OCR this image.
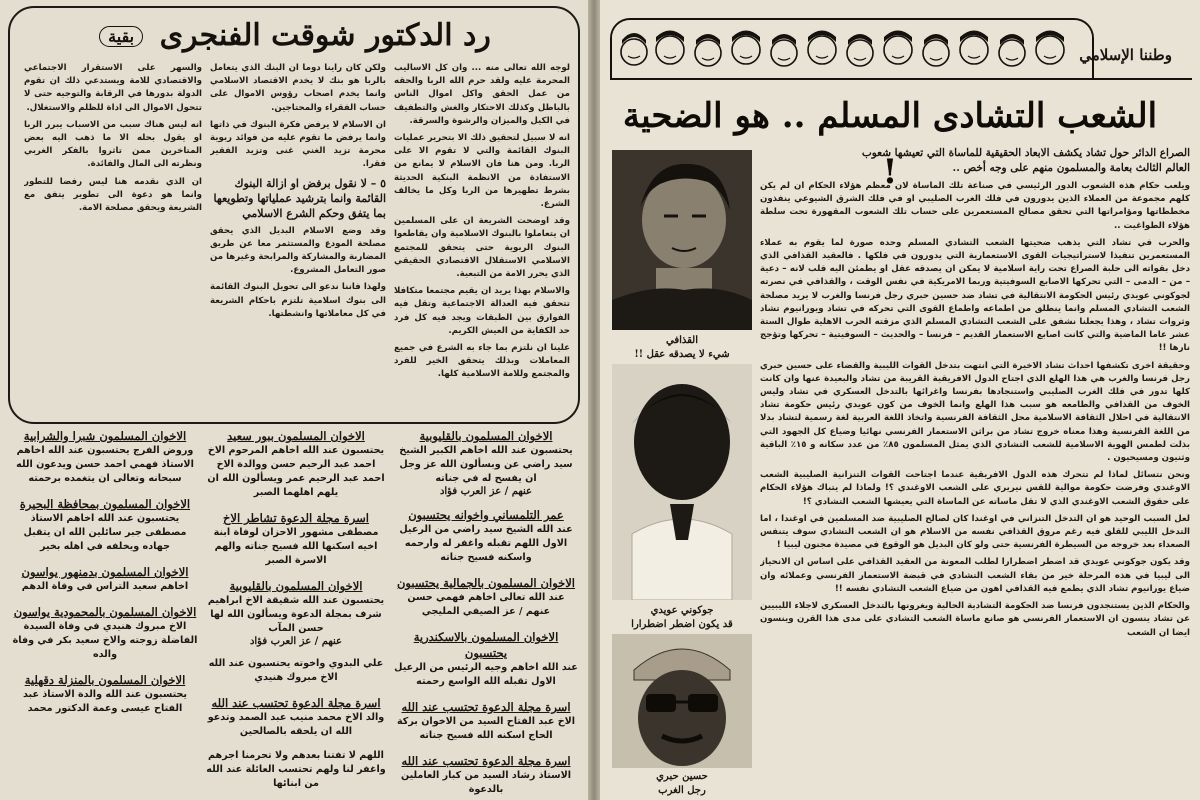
رد الدكتور شوقت الفنجرى بقية

لوجه الله تعالى منه ... وان كل الاساليب المحرمة عليه ولقد حرم الله الربا والحقه من عمل الحقق واكل اموال الناس بالباطل وكذلك الاحتكار والغش والتطفيف في الكيل والميزان والرشوة والسرقة.

انه لا سبيل لتحقيق ذلك الا بتحرير عمليات البنوك القائمة والتي لا تقوم الا على الربا. ومن هنا فان الاسلام لا يمانع من الاستفادة من الانظمة البنكية الحديثة بشرط تطهيرها من الربا وكل ما يخالف الشرع.

وقد اوضحت الشريعة ان على المسلمين ان يتعاملوا بالبنوك الاسلامية وان يقاطعوا البنوك الربوية حتى يتحقق للمجتمع الاسلامي الاستقلال الاقتصادي الحقيقي الذي يحرر الامة من التبعية.

والاسلام بهذا يريد ان يقيم مجتمعا متكافلا تتحقق فيه العدالة الاجتماعية وتقل فيه الفوارق بين الطبقات ويجد فيه كل فرد حد الكفاية من العيش الكريم.

علينا ان نلتزم بما جاء به الشرع في جميع المعاملات وبذلك يتحقق الخير للفرد والمجتمع وللامة الاسلامية كلها.

ولكن كان راينا دوما ان البنك الذي يتعامل بالربا هو بنك لا يخدم الاقتصاد الاسلامي وانما يخدم اصحاب رؤوس الاموال على حساب الفقراء والمحتاجين.

ان الاسلام لا يرفض فكرة البنوك في ذاتها وانما يرفض ما تقوم عليه من فوائد ربوية محرمة تزيد الغني غنى وتزيد الفقير فقرا.

٥ – لا نقول برفض او ازالة البنوك القائمة وانما بترشيد عملياتها وتطويعها بما يتفق وحكم الشرع الاسلامي

وقد وضع الاسلام البديل الذي يحقق مصلحة المودع والمستثمر معا عن طريق المضاربة والمشاركة والمرابحة وغيرها من صور التعامل المشروع.

ولهذا فاننا ندعو الى تحويل البنوك القائمة الى بنوك اسلامية تلتزم باحكام الشريعة في كل معاملاتها وانشطتها.

والسهر على الاستقرار الاجتماعي والاقتصادي للامة ويستدعي ذلك ان تقوم الدولة بدورها في الرقابة والتوجيه حتى لا تتحول الاموال الى اداة للظلم والاستغلال.

انه ليس هناك سبب من الاسباب يبرر الربا او يقول بحله الا ما ذهب اليه بعض المتاخرين ممن تاثروا بالفكر الغربي ونظرته الى المال والفائدة.

ان الذي نقدمه هنا ليس رفضا للتطور وانما هو دعوة الى تطوير يتفق مع الشريعة ويحقق مصلحة الامة.

الاخوان المسلمون بالقليوبية
يحتسبون عند الله اخاهم الكبير الشيخ سيد راضي عن وبسألون الله عز وجل ان يفسح له في جناته
عنهم / عز العرب فؤاد
عمر التلمساني واخوانه يحتسبون
عند الله الشيخ سيد راضي من الرعيل الاول اللهم تقبله واغفر له وارحمه واسكنه فسيح جناته
الاخوان المسلمون بالجمالية يحتسبون
عند الله تعالى اخاهم فهمي حسن عنهم / عز الصيفي المليجي
الاخوان المسلمون بالاسكندرية يحتسبون
عند الله اخاهم وجيه الرئيس من الرعيل الاول تقبله الله الواسع رحمته
اسرة مجلة الدعوة تحتسب عند الله
الاخ عبد الفتاح السيد من الاخوان بركة الحاج اسكنه الله فسيح جناته
اسرة مجلة الدعوة تحتسب عند الله
الاستاذ رشاد السيد من كبار العاملين بالدعوة
الاخوان المسلمون ببور سعيد
يحتسبون عند الله اخاهم المرحوم الاخ احمد عبد الرحيم حسن ووالدة الاخ احمد عبد الرحيم عمر ويسألون الله ان يلهم اهلهما الصبر
اسرة مجلة الدعوة تشاطر الاخ
مصطفى مشهور الاحزان لوفاة ابنة اخيه اسكنها الله فسيح جناته والهم الاسرة الصبر
الاخوان المسلمون بالقليوبية
يحتسبون عند الله شقيقة الاخ ابراهيم شرف بمجلة الدعوة ويسألون الله لها حسن المآب
عنهم / عز العرب فؤاد
علي البدوي واخوته يحتسبون عند الله الاخ مبروك هنيدي
اسرة مجلة الدعوة تحتسب عند الله
والد الاخ محمد منيب عبد الصمد وتدعو الله ان يلحقه بالصالحين
اللهم لا تفتنا بعدهم ولا تحرمنا اجرهم واغفر لنا ولهم تحتسب العائلة عند الله من ابنائها
الاخوان المسلمون شبرا والشرابية
وروض الفرج يحتسبون عند الله اخاهم الاستاذ فهمي احمد حسن ويدعون الله سبحانه وتعالى ان يتغمده برحمته
الاخوان المسلمون بمحافظة البحيرة
يحتسبون عند الله اخاهم الاستاذ مصطفى جبر سائلين الله ان يتقبل جهاده ويخلفه في اهله بخير
الاخوان المسلمون بدمنهور يواسون
اخاهم سعيد التراس في وفاة الدهم
الاخوان المسلمون بالمحمودية يواسون
الاخ مبروك هنيدي في وفاة السيدة الفاضلة زوجته والاخ سعيد بكر في وفاة والده
الاخوان المسلمون بالمنزلة دقهلية
يحتسبون عند الله والدة الاستاذ عبد الفتاح عيسى وعمة الدكتور محمد
وطننا الإسلامي
الشعب التشادى المسلم .. هو الضحية !
الصراع الدائر حول تشاد يكشف الابعاد الحقيقية للماساة التي تعيشها شعوب العالم الثالث بعامة والمسلمون منهم على وجه أخص ..
القذافي
شيء لا يصدقه عقل !!
جوكوني عويدي
قد يكون اضطر اضطرارا
حسين حبري
رجل الغرب

ويلعب حكام هذه الشعوب الدور الرئيسي في صناعة تلك الماساة لان معظم هؤلاء الحكام ان لم يكن كلهم مجموعة من العملاء الذين يدورون في فلك الغرب الصليبي او في فلك الشرق الشيوعي ينفذون مخططاتها ومؤامراتها التي تحقق مصالح المستعمرين على حساب تلك الشعوب المقهورة تحت سلطة هؤلاء الطواغيت ..

والحرب في تشاد التي يذهب ضحيتها الشعب التشادي المسلم وحده صورة لما يقوم به عملاء المستعمرين تنفيذا لاستراتيجيات القوى الاستعمارية التي يدورون في فلكها . فالعقيد القذافي الذي دخل بقواته الى حلبة الصراع تحت راية اسلامية لا يمكن ان يصدقه عقل او يطمئن اليه قلب لانه – دعية – من – الدمى – التي تحركها الاصابع السوفيتية وربما الامريكية في نفس الوقت ، والقذافي في نصرته لجوكوني عويدي رئيس الحكومة الانتقالية في تشاد ضد حسين حبري رجل فرنسا والغرب لا يريد مصلحة الشعب التشادي المسلم وانما ينطلق من اطماعه واطماع القوى التي تحركه في تشاد ويورانيوم تشاد وثروات تشاد ، وهذا يجعلنا نشفق على الشعب التشادي المسلم الذي مزقته الحرب الاهلية طوال الستة عشر عاما الماضية والتي كانت اصابع الاستعمار القديم – فرنسا – والحديث – السوفيتية – تحركها وتؤجج نارها !!

وحقيقة اخرى تكشفها احداث تشاد الاخيرة التي انتهت بتدخل القوات الليبية والقضاء على حسين حبري رجل فرنسا والغرب هي هذا الهلع الذي اجتاح الدول الافريقية القريبة من تشاد والبعيدة عنها وان كانت كلها تدور في فلك الغرب الصليبي واستنجادها بفرنسا واغرائها بالتدخل العسكري في تشاد وليس الخوف من القذافي والطامعه هو سبب هذا الهلع وانما الخوف من كون عويدي رئيس حكومة تشاد الانتقالية في احلال الثقافة الاسلامية محل الثقافة الفرنسية واتخاذ اللغة العربية لغة رسمية لتشاد بدلا من اللغة الفرنسية وهذا معناه خروج تشاد من براثن الاستعمار الفرنسي نهائيا وضياع كل الجهود التي بذلت لطمس الهوية الاسلامية للشعب التشادي الذي يمثل المسلمون ٨٥٪ من عدد سكانه و ١٥٪ الباقية وثنيون ومسيحيون .

ونحن نتسائل لماذا لم تتحرك هذه الدول الافريقية عندما اجتاحت القوات التنزانية الصليبية الشعب الاوغندي وفرضت حكومة موالية للقس نيريري على الشعب الاوغندي ؟! ولماذا لم يتباك هؤلاء الحكام على حقوق الشعب الاوغندي الذي لا تقل ماساته عن الماساة التي يعيشها الشعب التشادي ؟!

لعل السبب الوحيد هو ان التدخل التنزاني في اوغندا كان لصالح الصليبية ضد المسلمين في اوغندا ، اما التدخل الليبي للقلق فيه رغم مروق القذافي نفسه من الاسلام هو ان الشعب التشادي سوف يتنفس الصعداء بعد خروجه من السيطرة الفرنسية حتى ولو كان البديل هو الوقوع في مصيدة مجنون ليبيا !

وقد يكون جوكوني عويدي قد اضطر اضطرارا لطلب المعونة من العقيد القذافي على اساس ان الانحياز الى ليبيا في هذه المرحلة خير من بقاء الشعب التشادي في قبضة الاستعمار الفرنسي وعملائه وان ضياع يورانيوم تشاد الذي يطمع فيه القذافي اهون من ضياع الشعب التشادي نفسه !!

والحكام الذين يستنجدون فرنسا ضد الحكومة التشادية الحالية ويغرونها بالتدخل العسكري لاجلاء الليبيين عن تشاد ينسون ان الاستعمار الفرنسي هو صانع ماساة الشعب التشادي على مدى هذا القرن وينسون ايضا ان الشعب
